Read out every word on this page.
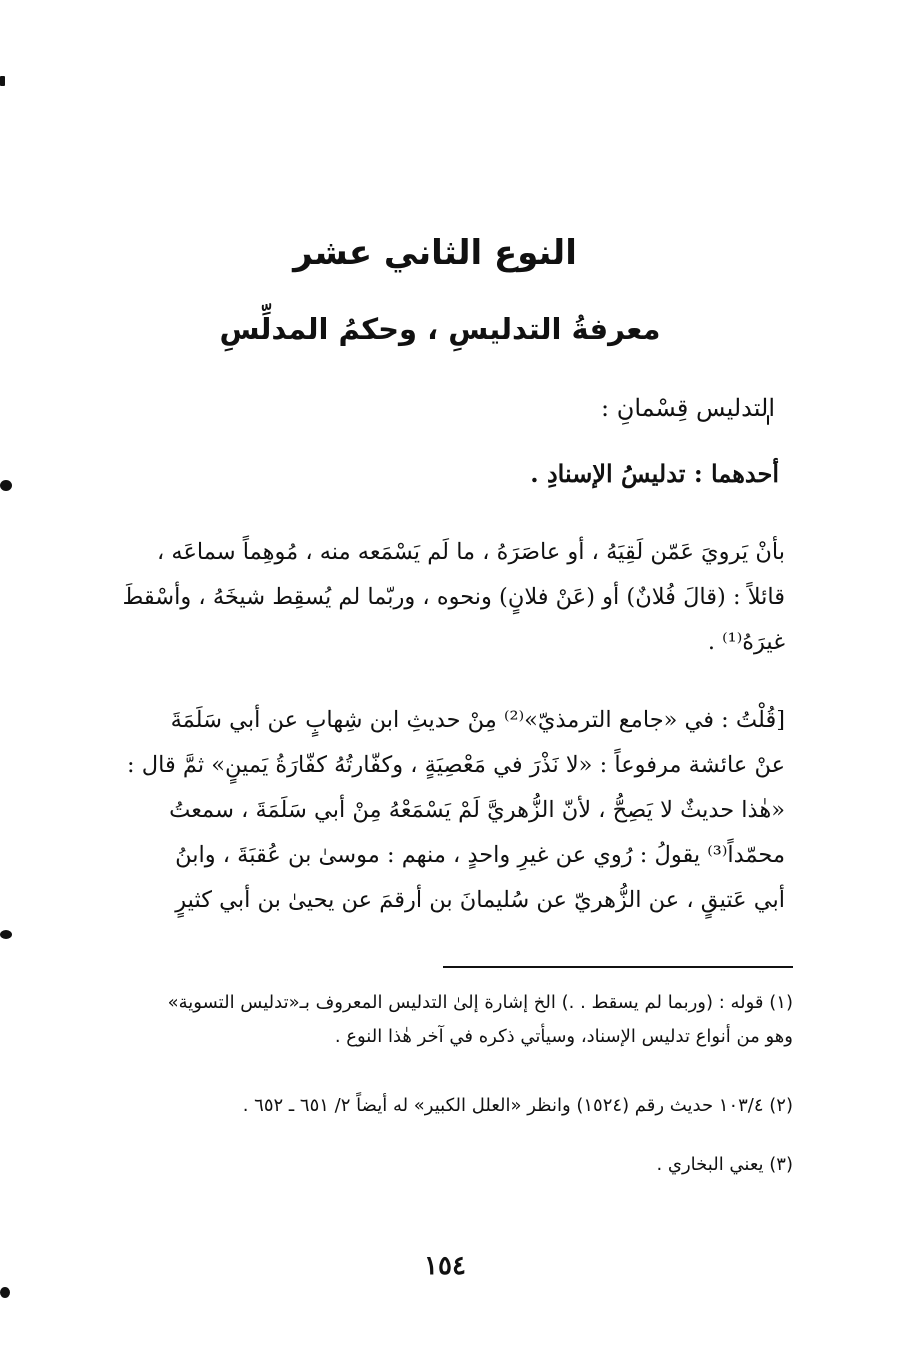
النوع الثاني عشر
معرفةُ التدليسِ ، وحكمُ المدلِّسِ
التدليس قِسْمانِ :
أحدهما : تدليسُ الإسنادِ .
بأنْ يَرويَ عَمّن لَقِيَهُ ، أو عاصَرَهُ ، ما لَم يَسْمَعه منه ، مُوهِماً سماعَه ،
قائلاً : (قالَ فُلانٌ) أو (عَنْ فلانٍ) ونحوه ، وربّما لم يُسقِط شيخَهُ ، وأسْقطَ
غيرَهُ⁽¹⁾ .
[قُلْتُ : في «جامع الترمذيّ»⁽²⁾ مِنْ حديثِ ابن شِهابٍ عن أبي سَلَمَةَ
عنْ عائشة مرفوعاً : «لا نَذْرَ في مَعْصِيَةٍ ، وكفّارتُهُ كفّارَةُ يَمينٍ» ثمَّ قال :
«هٰذا حديثٌ لا يَصِحُّ ، لأنّ الزُّهريَّ لَمْ يَسْمَعْهُ مِنْ أبي سَلَمَةَ ، سمعتُ
محمّداً⁽³⁾ يقولُ : رُوي عن غيرِ واحدٍ ، منهم : موسىٰ بن عُقبَةَ ، وابنُ
أبي عَتيقٍ ، عن الزُّهريّ عن سُليمانَ بن أرقمَ عن يحيىٰ بن أبي كثيرٍ
(١) قوله : (وربما لم يسقط . .) الخ إشارة إلىٰ التدليس المعروف بـ«تدليس التسوية»
وهو من أنواع تدليس الإسناد، وسيأتي ذكره في آخر هٰذا النوع .
(٢) ١٠٣/٤ حديث رقم (١٥٢٤) وانظر «العلل الكبير» له أيضاً ٢/ ٦٥١ ـ ٦٥٢ .
(٣) يعني البخاري .
١٥٤
